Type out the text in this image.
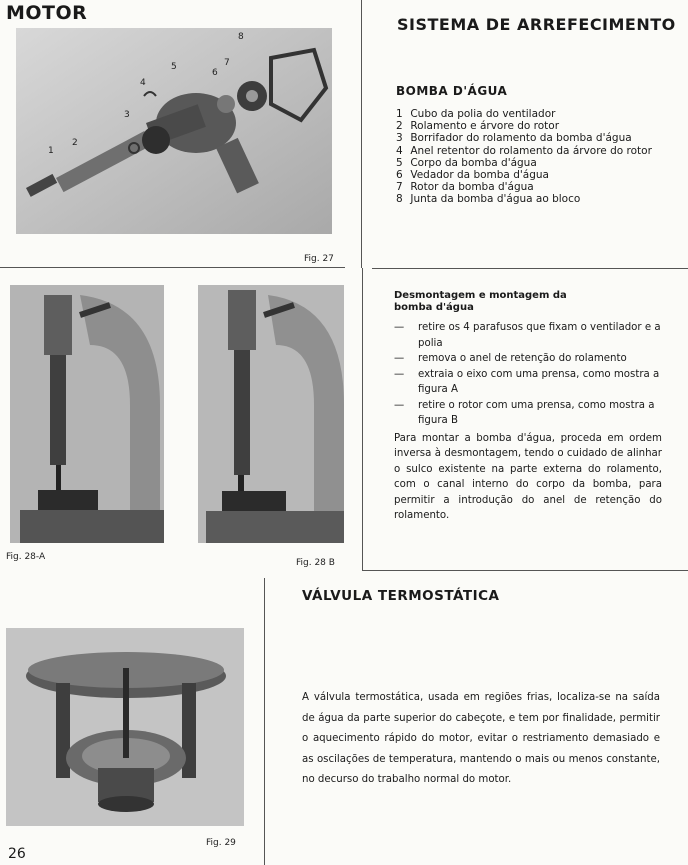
MOTOR
SISTEMA DE ARREFECIMENTO
1
2
3
4
5
6
7
8
Fig. 27
BOMBA D'ÁGUA
1 Cubo da polia do ventilador
2 Rolamento e árvore do rotor
3 Borrifador do rolamento da bomba d'água
4 Anel retentor do rolamento da árvore do rotor
5 Corpo da bomba d'água
6 Vedador da bomba d'água
7 Rotor da bomba d'água
8 Junta da bomba d'água ao bloco
Fig. 28-A
Fig. 28 B
Desmontagem e montagem da
bomba d'água
— retire os 4 parafusos que fixam o ventilador e a polia
— remova o anel de retenção do rolamento
— extraia o eixo com uma prensa, como mostra a figura A
— retire o rotor com uma prensa, como mostra a figura B
Para montar a bomba d'água, proceda em ordem inversa à desmontagem, tendo o cuidado de alinhar o sulco existente na parte externa do rolamento, com o canal interno do corpo da bomba, para permitir a introdução do anel de retenção do rolamento.
VÁLVULA TERMOSTÁTICA
Fig. 29
A válvula termostática, usada em regiões frias, localiza-se na saída de água da parte superior do cabeçote, e tem por finalidade, permitir o aquecimento rápido do motor, evitar o restriamento demasiado e as oscilações de temperatura, mantendo o mais ou menos constante, no decurso do trabalho normal do motor.
26
